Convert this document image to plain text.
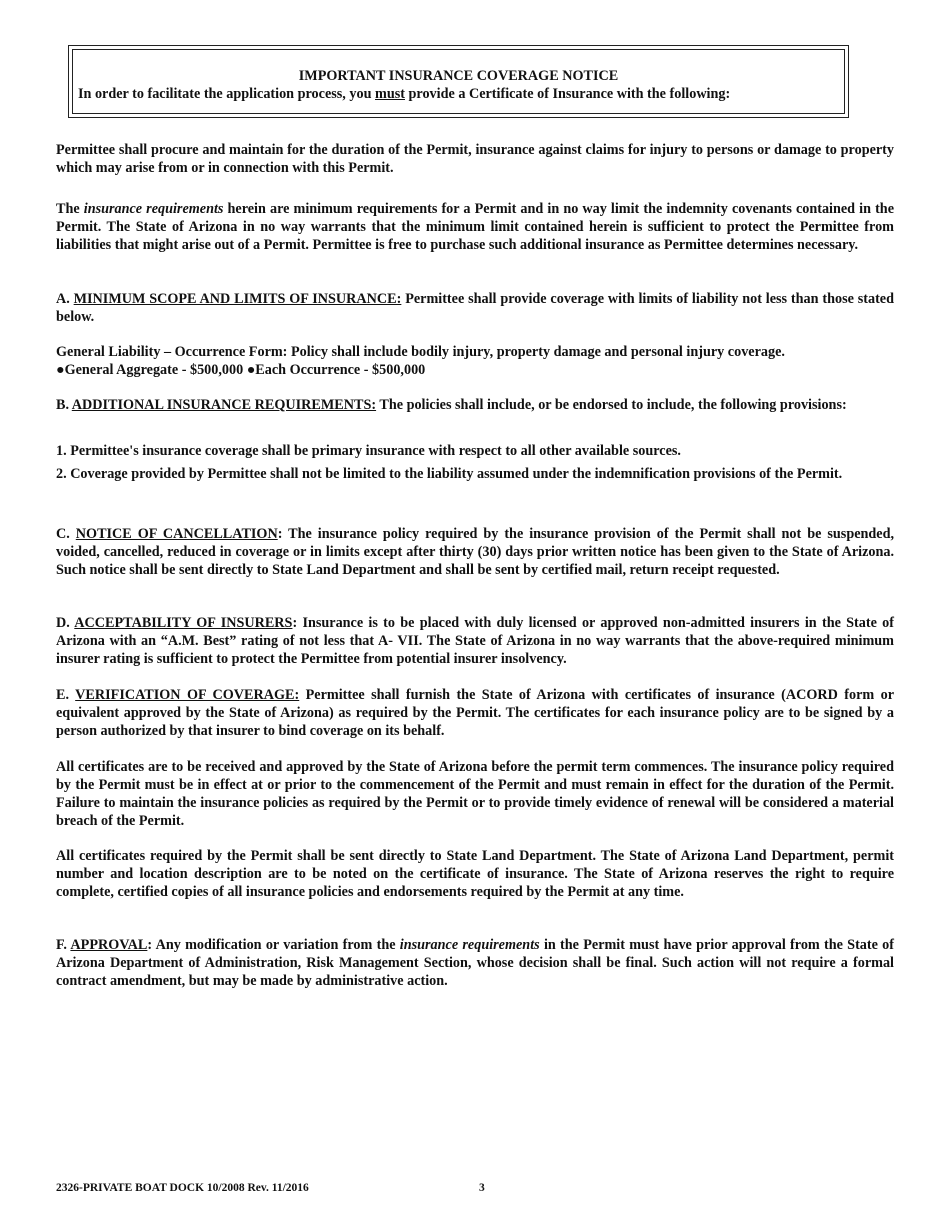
IMPORTANT INSURANCE COVERAGE NOTICE
In order to facilitate the application process, you must provide a Certificate of Insurance with the following:

Permittee shall procure and maintain for the duration of the Permit, insurance against claims for injury to persons or damage to property which may arise from or in connection with this Permit.

The insurance requirements herein are minimum requirements for a Permit and in no way limit the indemnity covenants contained in the Permit. The State of Arizona in no way warrants that the minimum limit contained herein is sufficient to protect the Permittee from liabilities that might arise out of a Permit. Permittee is free to purchase such additional insurance as Permittee determines necessary.

A. MINIMUM SCOPE AND LIMITS OF INSURANCE: Permittee shall provide coverage with limits of liability not less than those stated below.

General Liability – Occurrence Form: Policy shall include bodily injury, property damage and personal injury coverage.
●General Aggregate - $500,000 ●Each Occurrence - $500,000

B. ADDITIONAL INSURANCE REQUIREMENTS: The policies shall include, or be endorsed to include, the following provisions:

1. Permittee's insurance coverage shall be primary insurance with respect to all other available sources.

2. Coverage provided by Permittee shall not be limited to the liability assumed under the indemnification provisions of the Permit.

C. NOTICE OF CANCELLATION: The insurance policy required by the insurance provision of the Permit shall not be suspended, voided, cancelled, reduced in coverage or in limits except after thirty (30) days prior written notice has been given to the State of Arizona. Such notice shall be sent directly to State Land Department and shall be sent by certified mail, return receipt requested.

D. ACCEPTABILITY OF INSURERS: Insurance is to be placed with duly licensed or approved non-admitted insurers in the State of Arizona with an “A.M. Best” rating of not less that A- VII. The State of Arizona in no way warrants that the above-required minimum insurer rating is sufficient to protect the Permittee from potential insurer insolvency.

E. VERIFICATION OF COVERAGE: Permittee shall furnish the State of Arizona with certificates of insurance (ACORD form or equivalent approved by the State of Arizona) as required by the Permit. The certificates for each insurance policy are to be signed by a person authorized by that insurer to bind coverage on its behalf.

All certificates are to be received and approved by the State of Arizona before the permit term commences. The insurance policy required by the Permit must be in effect at or prior to the commencement of the Permit and must remain in effect for the duration of the Permit. Failure to maintain the insurance policies as required by the Permit or to provide timely evidence of renewal will be considered a material breach of the Permit.

All certificates required by the Permit shall be sent directly to State Land Department. The State of Arizona Land Department, permit number and location description are to be noted on the certificate of insurance. The State of Arizona reserves the right to require complete, certified copies of all insurance policies and endorsements required by the Permit at any time.

F. APPROVAL: Any modification or variation from the insurance requirements in the Permit must have prior approval from the State of Arizona Department of Administration, Risk Management Section, whose decision shall be final. Such action will not require a formal contract amendment, but may be made by administrative action.

2326-PRIVATE BOAT DOCK 10/2008 Rev. 11/2016	3
